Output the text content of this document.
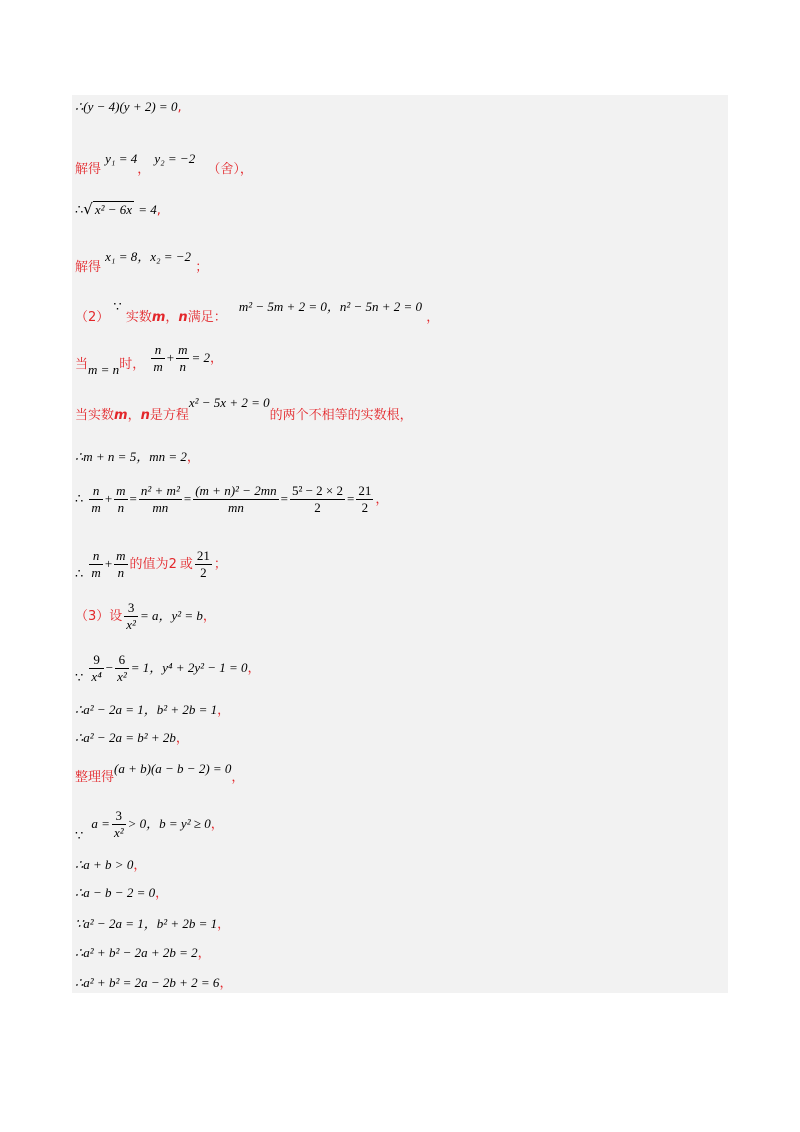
∴(y − 4)(y + 2) = 0,
解得 y₁ = 4， y₂ = −2 （舍），
∴√ x² − 6x = 4,
解得 x₁ = 8，x₂ = −2 ；
（2） ∵ 实数m，n满足： m² − 5m + 2 = 0，n² − 5n + 2 = 0 ，
当m = n时， $\frac{n}{m} + \frac{m}{n} = 2$，
当实数m，n是方程x² − 5x + 2 = 0的两个不相等的实数根，
∴m + n = 5，mn = 2，
∴ $\frac{n}{m} + \frac{m}{n} = \frac{\text{n² + m²}}{mn} = \frac{\text{(m + n)² − 2mn}}{mn} = \frac{\text{5² − 2 × 2}}{2} = \frac{21}{2}$ ，
∴ $\frac{n}{m} + \frac{m}{n}$ 的值为2 或 $\frac{21}{2}$ ；
（3）设 $\frac{3}{\text{x²}} = a$，y² = b，
∵ $\frac{9}{\text{x⁴}} - \frac{6}{\text{x²}} = 1$，y⁴ + 2y² − 1 = 0，
∴a² − 2a = 1，b² + 2b = 1，
∴a² − 2a = b² + 2b，
整理得(a + b)(a − b − 2) = 0，
∵ $a = \frac{3}{\text{x²}} > 0$，b = y² ≥ 0，
∴a + b > 0，
∴a − b − 2 = 0，
∵a² − 2a = 1，b² + 2b = 1，
∴a² + b² − 2a + 2b = 2，
∴a² + b² = 2a − 2b + 2 = 6，
